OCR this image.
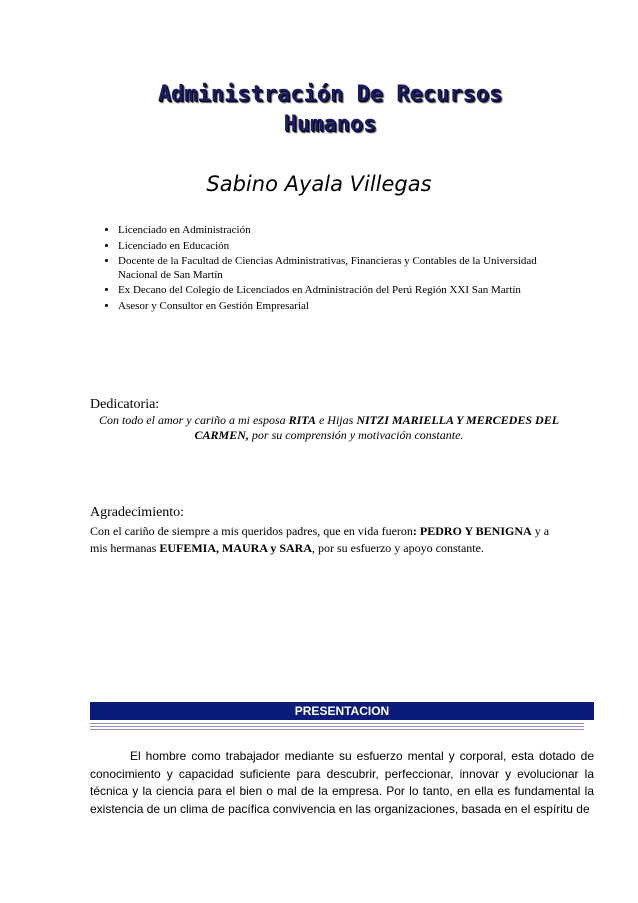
Administración De Recursos
Humanos
Sabino Ayala Villegas
• Licenciado en Administración
• Licenciado en Educación
• Docente de la Facultad de Ciencias Administrativas, Financieras y Contables de la Universidad Nacional de San Martín
• Ex Decano del Colegio de Licenciados en Administración del Perú Región XXI San Martín
• Asesor y Consultor en Gestión Empresarial
Dedicatoria:
Con todo el amor y cariño a mi esposa RITA e Hijas NITZI MARIELLA Y MERCEDES DEL CARMEN, por su comprensión y motivación constante.
Agradecimiento:
Con el cariño de siempre a mis queridos padres, que en vida fueron: PEDRO Y BENIGNA y a mis hermanas EUFEMIA, MAURA y SARA, por su esfuerzo y apoyo constante.
PRESENTACION
El hombre como trabajador mediante su esfuerzo mental y corporal, esta dotado de conocimiento y capacidad suficiente para descubrir, perfeccionar, innovar y evolucionar la técnica y la ciencia para el bien o mal de la empresa. Por lo tanto, en ella es fundamental la existencia de un clima de pacífica convivencia en las organizaciones, basada en el espíritu de
